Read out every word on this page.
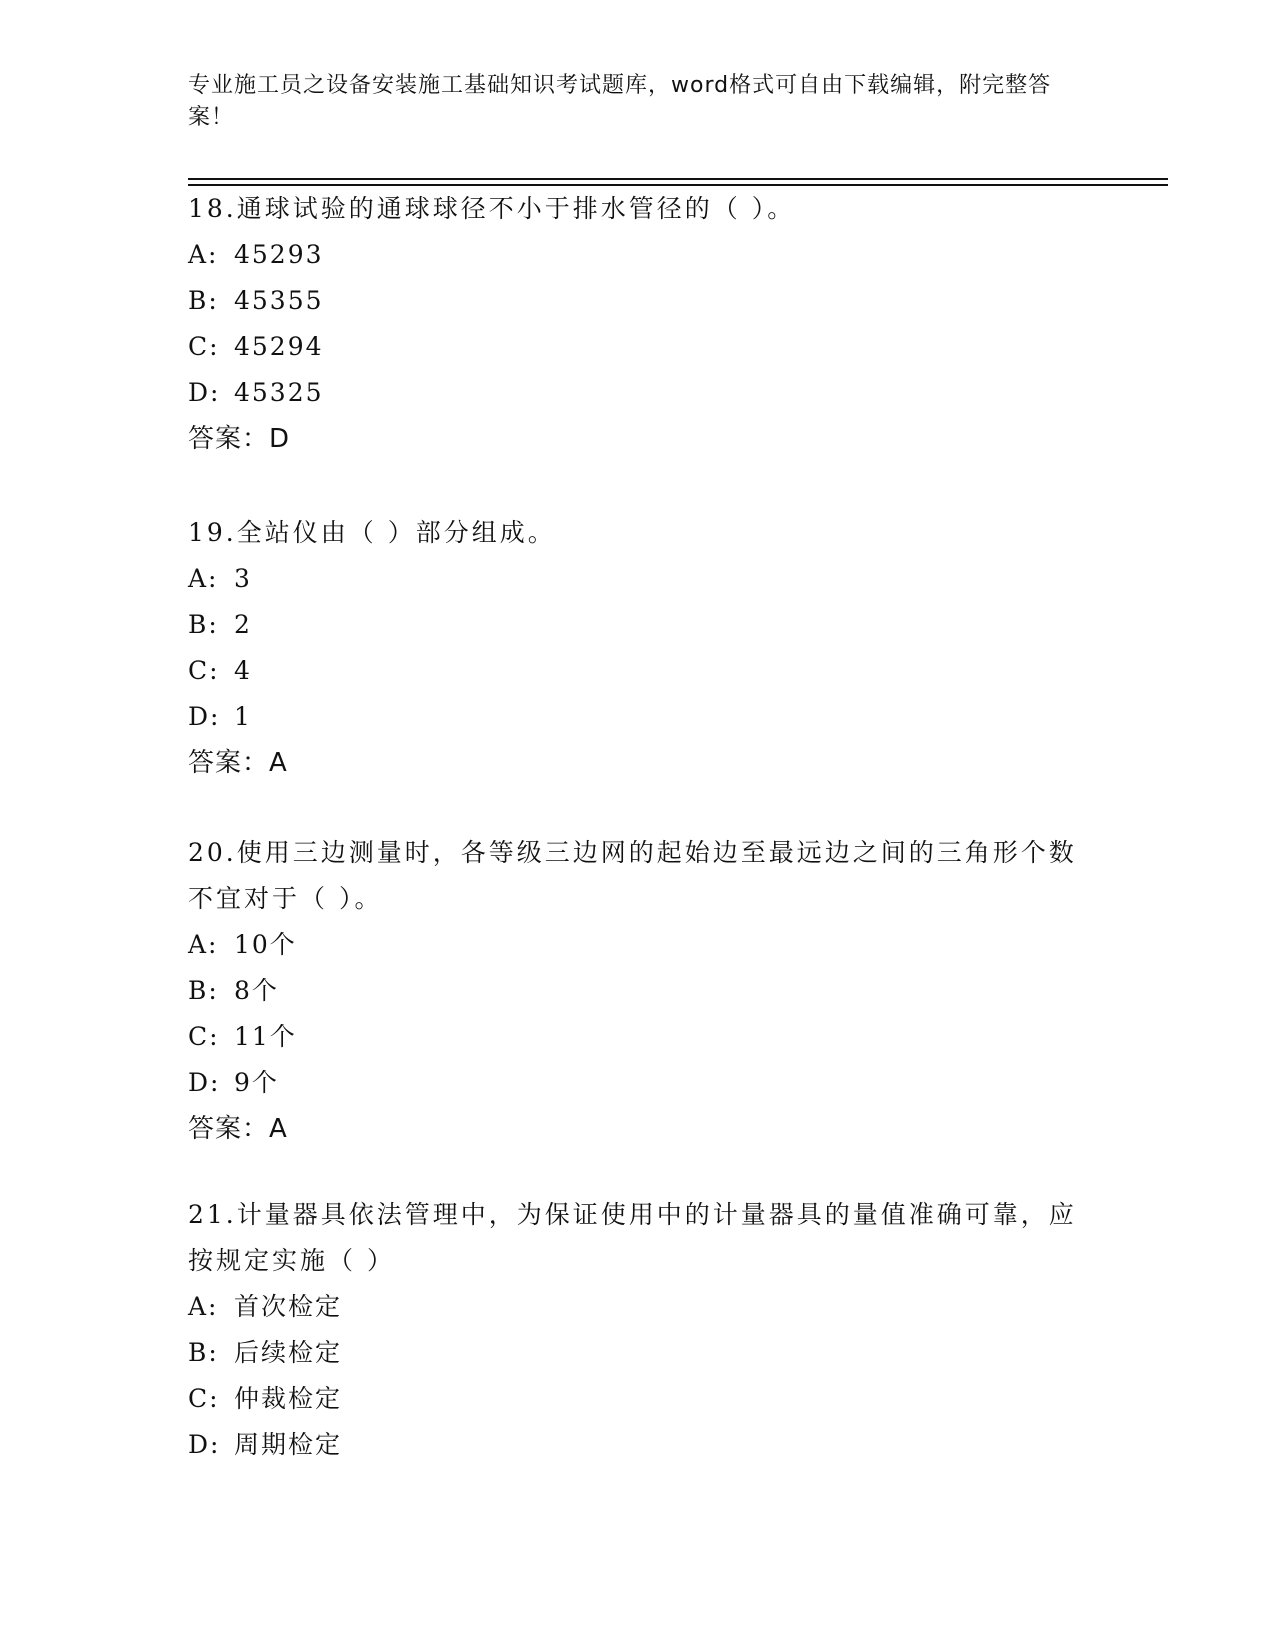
专业施工员之设备安装施工基础知识考试题库，word格式可自由下载编辑，附完整答案！
18.通球试验的通球球径不小于排水管径的（ ）。
A: 45293
B: 45355
C: 45294
D: 45325
答案：D
19.全站仪由（ ）部分组成。
A: 3
B: 2
C: 4
D: 1
答案：A
20.使用三边测量时，各等级三边网的起始边至最远边之间的三角形个数不宜对于（ ）。
A: 10个
B: 8个
C: 11个
D: 9个
答案：A
21.计量器具依法管理中，为保证使用中的计量器具的量值准确可靠，应按规定实施（ ）
A: 首次检定
B: 后续检定
C: 仲裁检定
D: 周期检定
